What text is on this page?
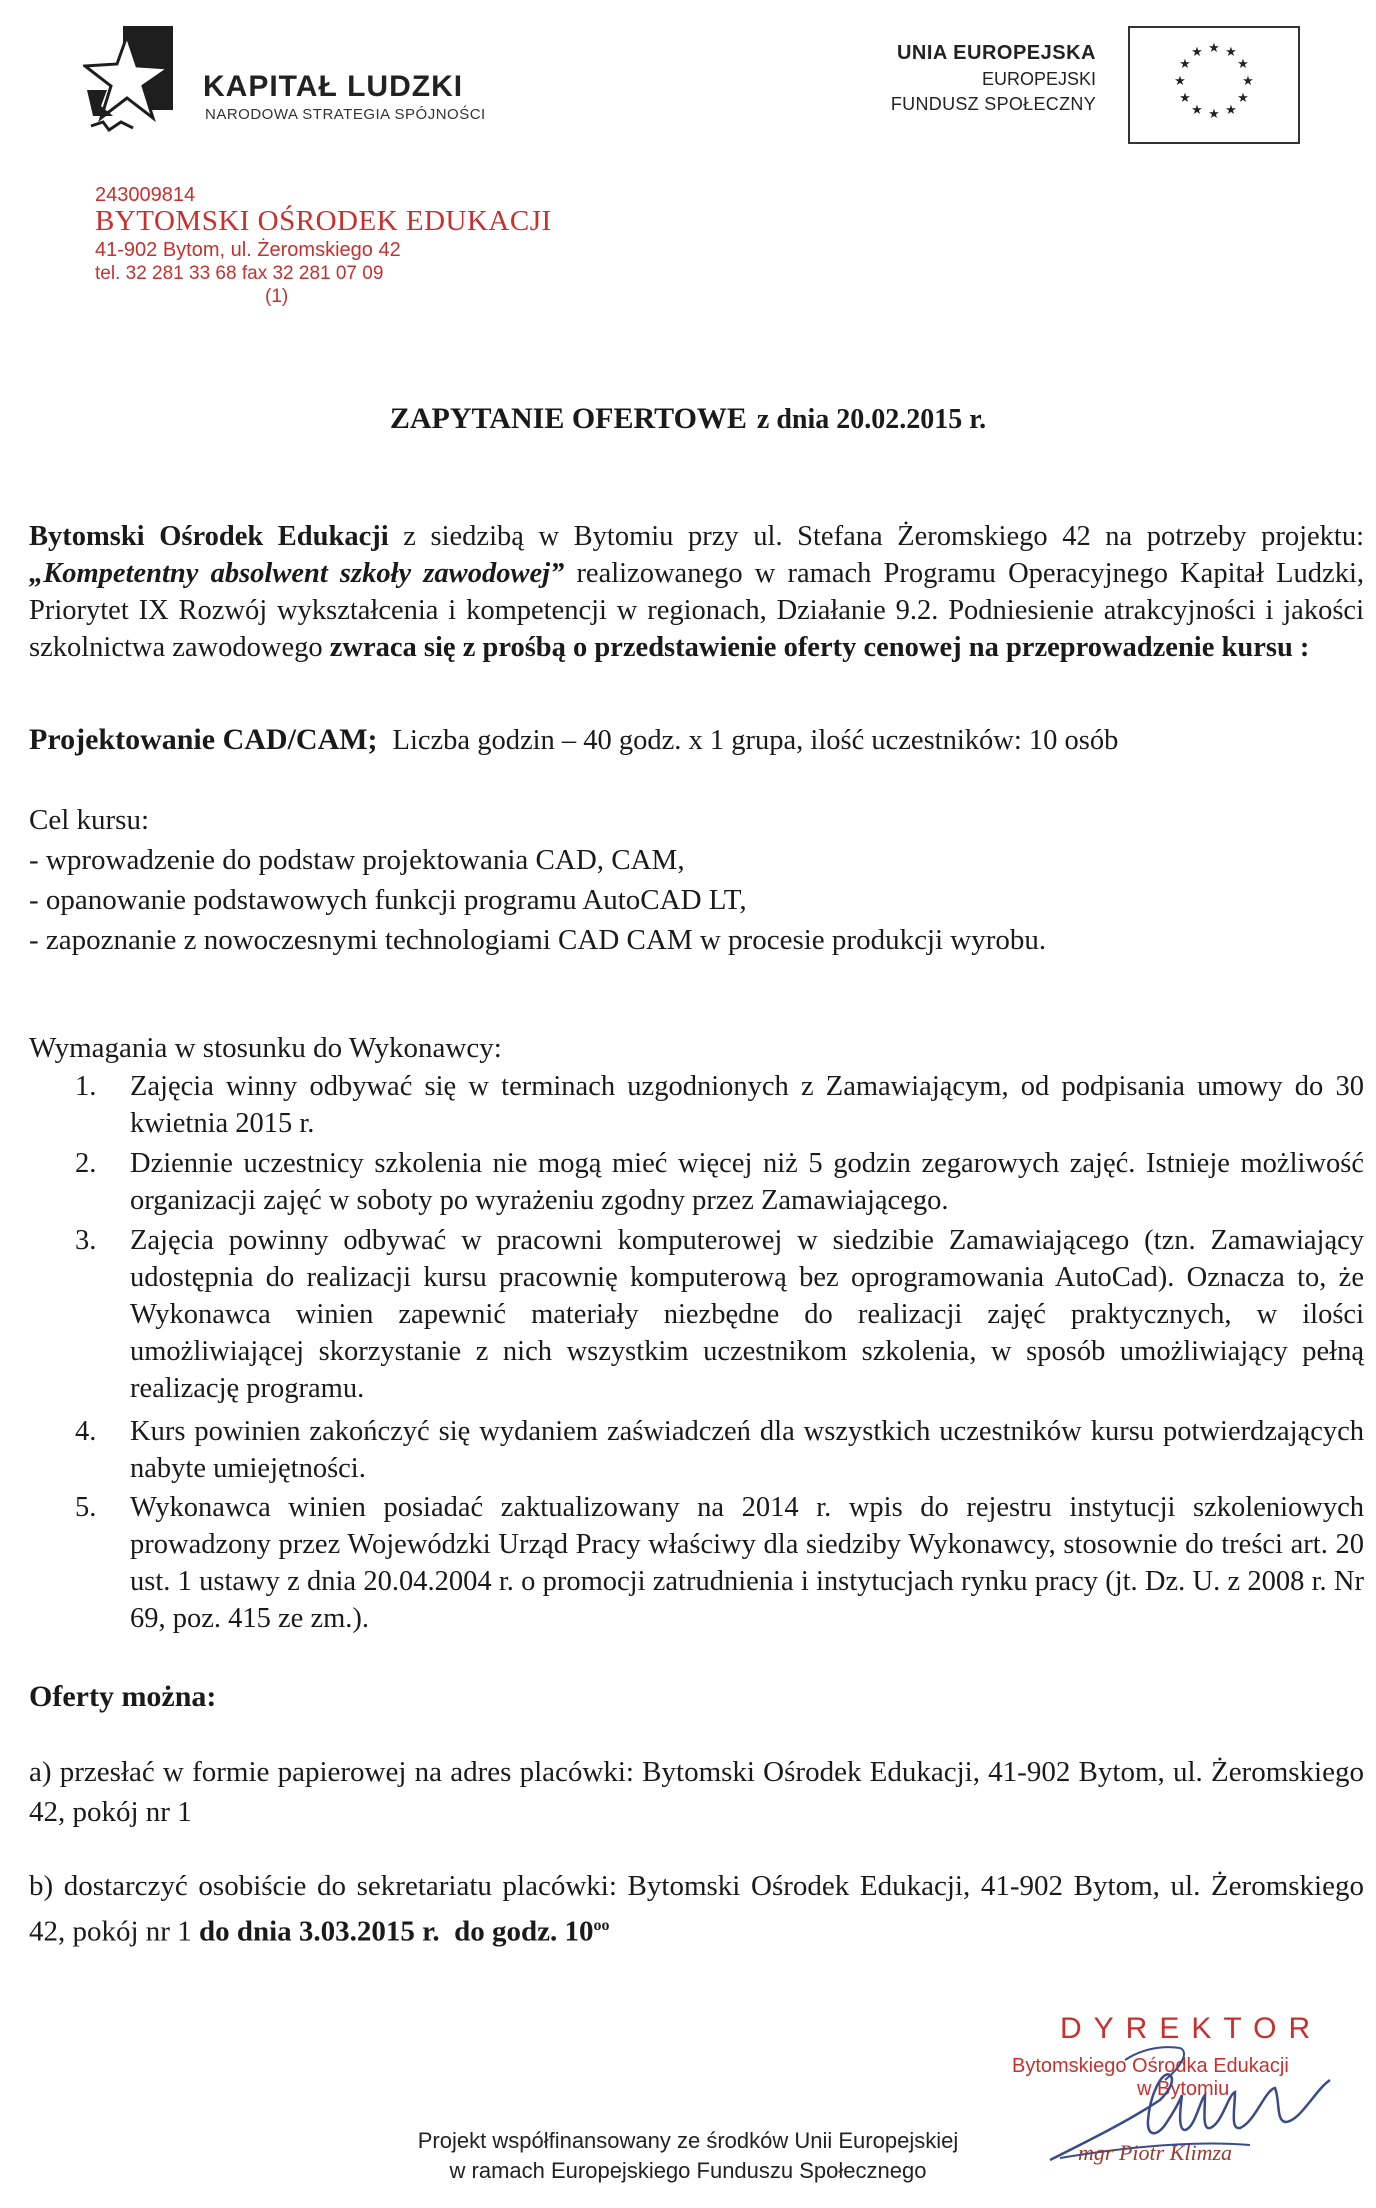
KAPITAŁ LUDZKI
NARODOWA STRATEGIA SPÓJNOŚCI
UNIA EUROPEJSKA
EUROPEJSKI
FUNDUSZ SPOŁECZNY
★ ★
★
★
★
★
★
★
★
★
★
★
243009814
BYTOMSKI OŚRODEK EDUKACJI
41-902 Bytom, ul. Żeromskiego 42
tel. 32 281 33 68 fax 32 281 07 09
(1)
ZAPYTANIE OFERTOWE z dnia 20.02.2015 r.
Bytomski Ośrodek Edukacji z siedzibą w Bytomiu przy ul. Stefana Żeromskiego 42 na potrzeby projektu: „Kompetentny absolwent szkoły zawodowej” realizowanego w ramach Programu Operacyjnego Kapitał Ludzki, Priorytet IX Rozwój wykształcenia i kompetencji w regionach, Działanie 9.2. Podniesienie atrakcyjności i jakości szkolnictwa zawodowego zwraca się z prośbą o przedstawienie oferty cenowej na przeprowadzenie kursu :
Projektowanie CAD/CAM; Liczba godzin – 40 godz. x 1 grupa, ilość uczestników: 10 osób
Cel kursu:
- wprowadzenie do podstaw projektowania CAD, CAM,
- opanowanie podstawowych funkcji programu AutoCAD LT,
- zapoznanie z nowoczesnymi technologiami CAD CAM w procesie produkcji wyrobu.
Wymagania w stosunku do Wykonawcy:
1.	Zajęcia winny odbywać się w terminach uzgodnionych z Zamawiającym, od podpisania umowy do 30 kwietnia 2015 r.
2.	Dziennie uczestnicy szkolenia nie mogą mieć więcej niż 5 godzin zegarowych zajęć. Istnieje możliwość organizacji zajęć w soboty po wyrażeniu zgodny przez Zamawiającego.
3.	Zajęcia powinny odbywać w pracowni komputerowej w siedzibie Zamawiającego (tzn. Zamawiający udostępnia do realizacji kursu pracownię komputerową bez oprogramowania AutoCad). Oznacza to, że Wykonawca winien zapewnić materiały niezbędne do realizacji zajęć praktycznych, w ilości umożliwiającej skorzystanie z nich wszystkim uczestnikom szkolenia, w sposób umożliwiający pełną realizację programu.
4.	Kurs powinien zakończyć się wydaniem zaświadczeń dla wszystkich uczestników kursu potwierdzających nabyte umiejętności.
5.	Wykonawca winien posiadać zaktualizowany na 2014 r. wpis do rejestru instytucji szkoleniowych prowadzony przez Wojewódzki Urząd Pracy właściwy dla siedziby Wykonawcy, stosownie do treści art. 20 ust. 1 ustawy z dnia 20.04.2004 r. o promocji zatrudnienia i instytucjach rynku pracy (jt. Dz. U. z 2008 r. Nr 69, poz. 415 ze zm.).
Oferty można:
a) przesłać w formie papierowej na adres placówki: Bytomski Ośrodek Edukacji, 41-902 Bytom, ul. Żeromskiego 42, pokój nr 1
b) dostarczyć osobiście do sekretariatu placówki: Bytomski Ośrodek Edukacji, 41-902 Bytom, ul. Żeromskiego 42, pokój nr 1 do dnia 3.03.2015 r. do godz. $10^{oo}$
DYREKTOR
Bytomskiego Ośrodka Edukacji
w Bytomiu
mgr Piotr Klimza
Projekt współfinansowany ze środków Unii Europejskiej
w ramach Europejskiego Funduszu Społecznego
